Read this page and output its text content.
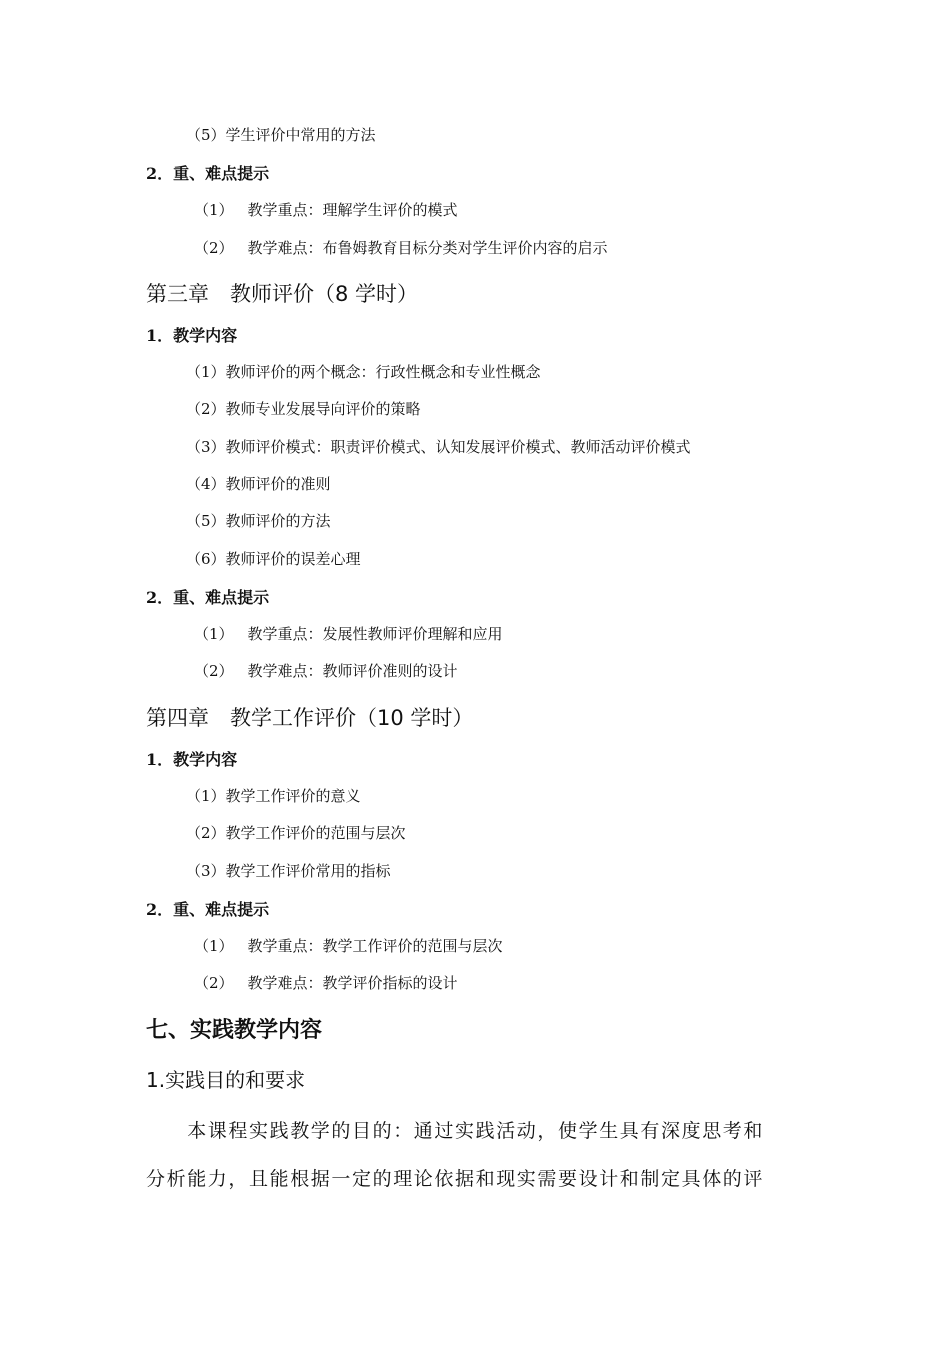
（5）学生评价中常用的方法
2．重、难点提示
（1） 教学重点：理解学生评价的模式
（2） 教学难点：布鲁姆教育目标分类对学生评价内容的启示
第三章　教师评价（8 学时）
1．教学内容
（1）教师评价的两个概念：行政性概念和专业性概念
（2）教师专业发展导向评价的策略
（3）教师评价模式：职责评价模式、认知发展评价模式、教师活动评价模式
（4）教师评价的准则
（5）教师评价的方法
（6）教师评价的误差心理
2．重、难点提示
（1） 教学重点：发展性教师评价理解和应用
（2） 教学难点：教师评价准则的设计
第四章　教学工作评价（10 学时）
1．教学内容
（1）教学工作评价的意义
（2）教学工作评价的范围与层次
（3）教学工作评价常用的指标
2．重、难点提示
（1） 教学重点：教学工作评价的范围与层次
（2） 教学难点：教学评价指标的设计
七、实践教学内容
1.实践目的和要求
　　本课程实践教学的目的：通过实践活动，使学生具有深度思考和
分析能力，且能根据一定的理论依据和现实需要设计和制定具体的评
